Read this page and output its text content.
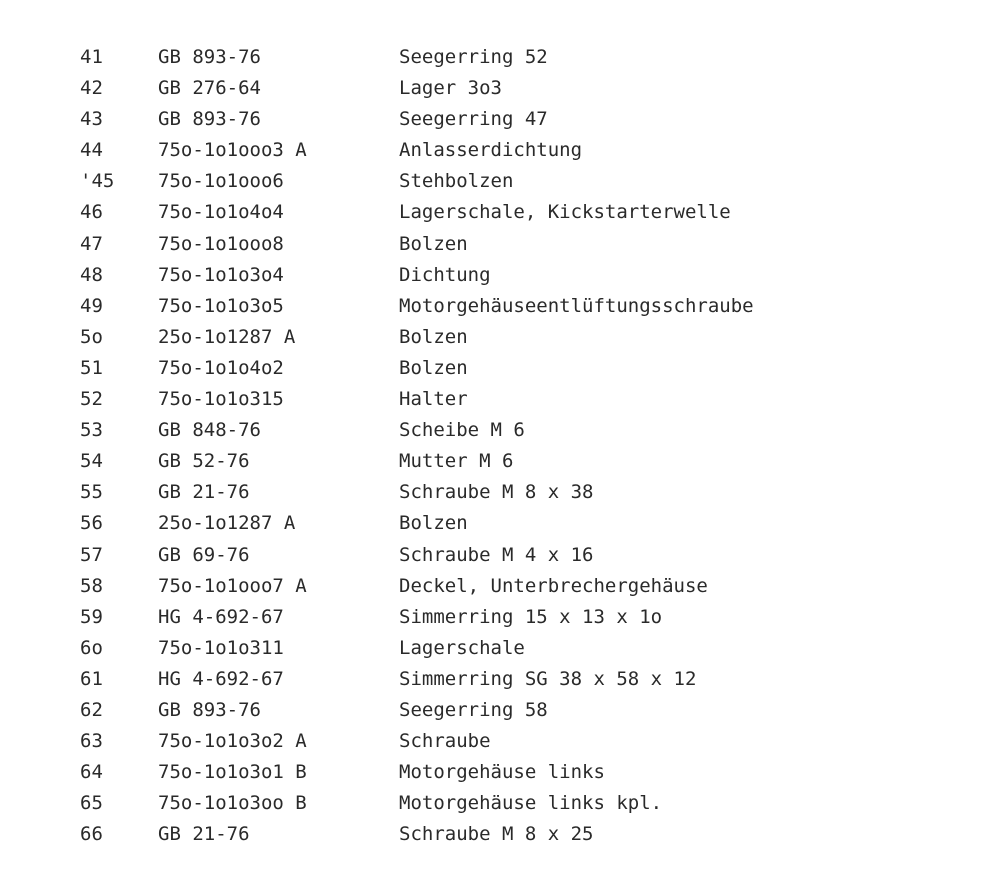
41	GB 893-76	Seegerring 52
42	GB 276-64	Lager 3o3
43	GB 893-76	Seegerring 47
44	75o-1o1ooo3 A	Anlasserdichtung
'45 75o-1o1ooo6	Stehbolzen
46	75o-1o1o4o4	Lagerschale, Kickstarterwelle
47	75o-1o1ooo8	Bolzen
48	75o-1o1o3o4	Dichtung
49	75o-1o1o3o5	Motorgehäuseentlüftungsschraube
5o	25o-1o1287 A	Bolzen
51	75o-1o1o4o2	Bolzen
52	75o-1o1o315	Halter
53	GB 848-76	Scheibe M 6
54	GB 52-76	Mutter M 6
55	GB 21-76	Schraube M 8 x 38
56	25o-1o1287 A	Bolzen
57	GB 69-76	Schraube M 4 x 16
58	75o-1o1ooo7 A	Deckel, Unterbrechergehäuse
59	HG 4-692-67	Simmerring 15 x 13 x 1o
6o	75o-1o1o311	Lagerschale
61	HG 4-692-67	Simmerring SG 38 x 58 x 12
62	GB 893-76	Seegerring 58
63	75o-1o1o3o2 A	Schraube
64	75o-1o1o3o1 B	Motorgehäuse links
65	75o-1o1o3oo B	Motorgehäuse links kpl.
66	GB 21-76	Schraube M 8 x 25
